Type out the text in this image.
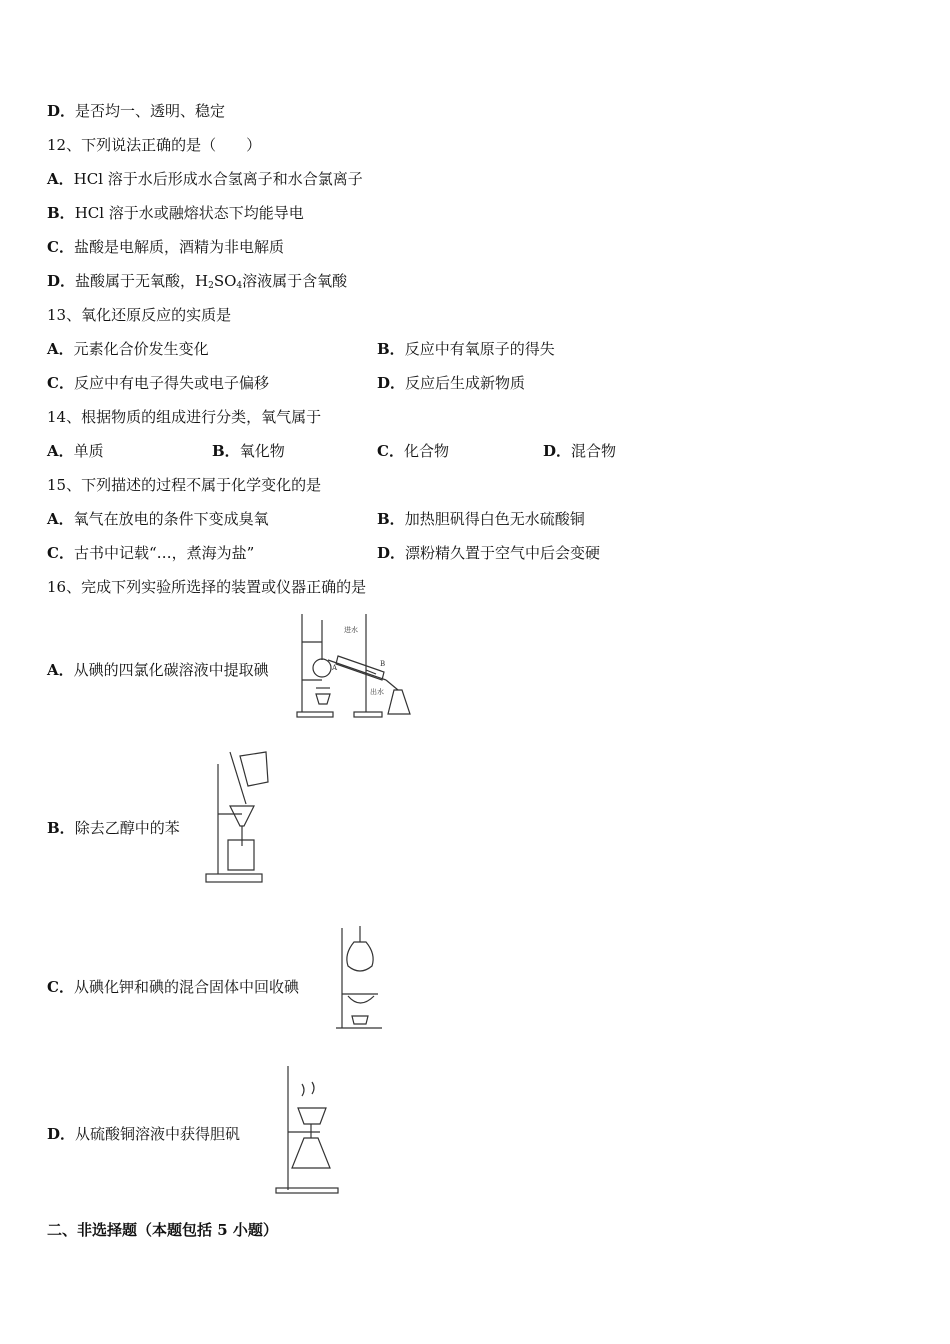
D．是否均一、透明、稳定
12、下列说法正确的是（　　）
A．HCl 溶于水后形成水合氢离子和水合氯离子
B．HCl 溶于水或融熔状态下均能导电
C．盐酸是电解质，酒精为非电解质
D．盐酸属于无氧酸，$H_2SO_4$溶液属于含氧酸
13、氧化还原反应的实质是
A．元素化合价发生变化	B．反应中有氧原子的得失
C．反应中有电子得失或电子偏移	D．反应后生成新物质
14、根据物质的组成进行分类，氧气属于
A．单质	B．氧化物	C．化合物	D．混合物
15、下列描述的过程不属于化学变化的是
A．氧气在放电的条件下变成臭氧	B．加热胆矾得白色无水硫酸铜
C．古书中记载“…，煮海为盐”	D．漂粉精久置于空气中后会变硬
16、完成下列实验所选择的装置或仪器正确的是
A．从碘的四氯化碳溶液中提取碘
进水
出水
A	B
B．除去乙醇中的苯
C．从碘化钾和碘的混合固体中回收碘
D．从硫酸铜溶液中获得胆矾
二、非选择题（本题包括 5 小题）
